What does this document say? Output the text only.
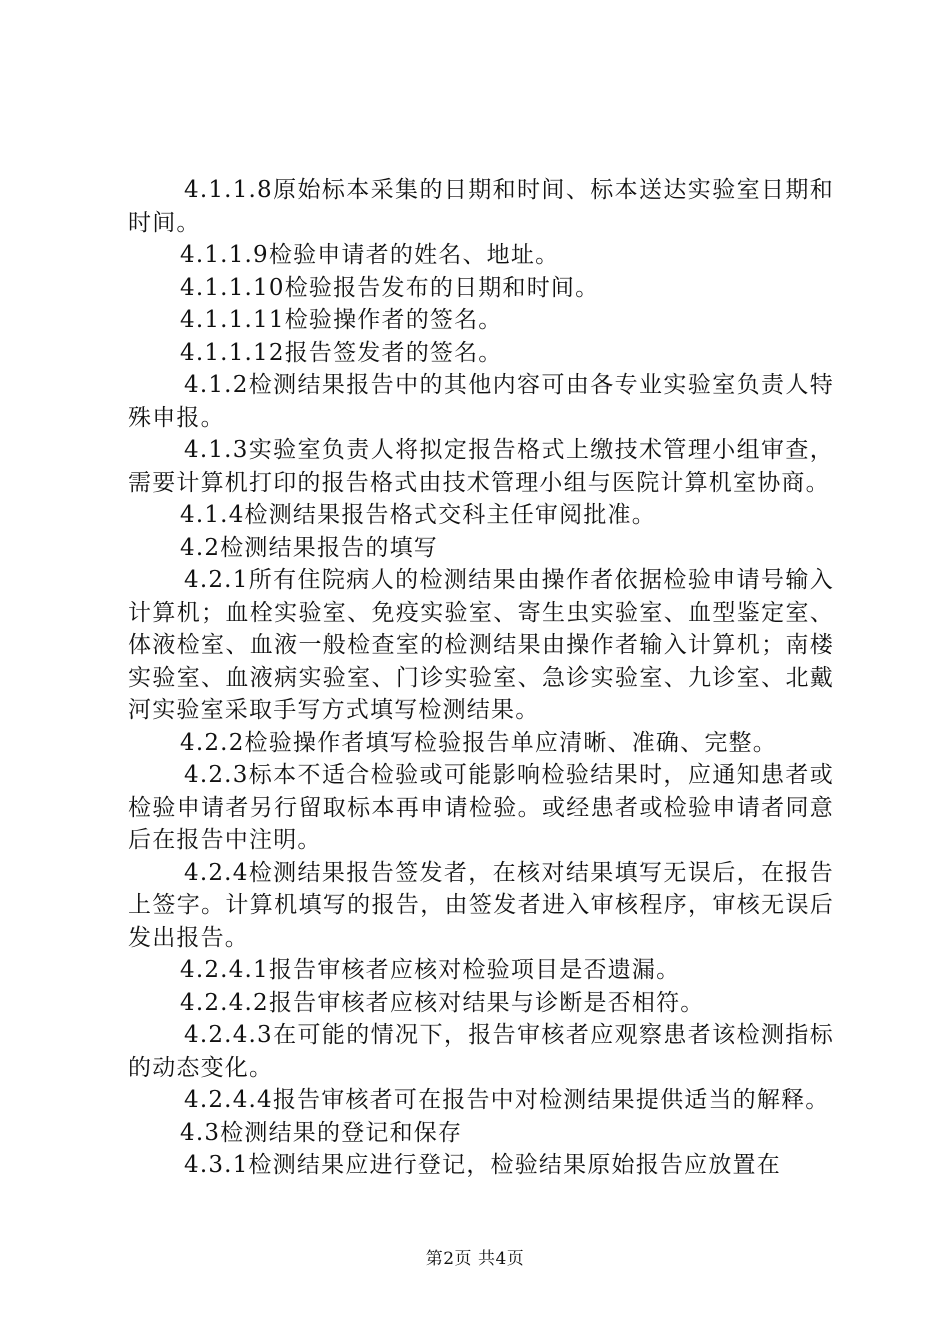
4.1.1.8原始标本采集的日期和时间、标本送达实验室日期和时间。

4.1.1.9检验申请者的姓名、地址。

4.1.1.10检验报告发布的日期和时间。

4.1.1.11检验操作者的签名。

4.1.1.12报告签发者的签名。

4.1.2检测结果报告中的其他内容可由各专业实验室负责人特殊申报。

4.1.3实验室负责人将拟定报告格式上缴技术管理小组审查，需要计算机打印的报告格式由技术管理小组与医院计算机室协商。

4.1.4检测结果报告格式交科主任审阅批准。

4.2检测结果报告的填写

4.2.1所有住院病人的检测结果由操作者依据检验申请号输入计算机；血栓实验室、免疫实验室、寄生虫实验室、血型鉴定室、体液检室、血液一般检查室的检测结果由操作者输入计算机；南楼实验室、血液病实验室、门诊实验室、急诊实验室、九诊室、北戴河实验室采取手写方式填写检测结果。

4.2.2检验操作者填写检验报告单应清晰、准确、完整。

4.2.3标本不适合检验或可能影响检验结果时，应通知患者或检验申请者另行留取标本再申请检验。或经患者或检验申请者同意后在报告中注明。

4.2.4检测结果报告签发者，在核对结果填写无误后，在报告上签字。计算机填写的报告，由签发者进入审核程序，审核无误后发出报告。

4.2.4.1报告审核者应核对检验项目是否遗漏。

4.2.4.2报告审核者应核对结果与诊断是否相符。

4.2.4.3在可能的情况下，报告审核者应观察患者该检测指标的动态变化。

4.2.4.4报告审核者可在报告中对检测结果提供适当的解释。

4.3检测结果的登记和保存

4.3.1检测结果应进行登记，检验结果原始报告应放置在

第2页 共4页
